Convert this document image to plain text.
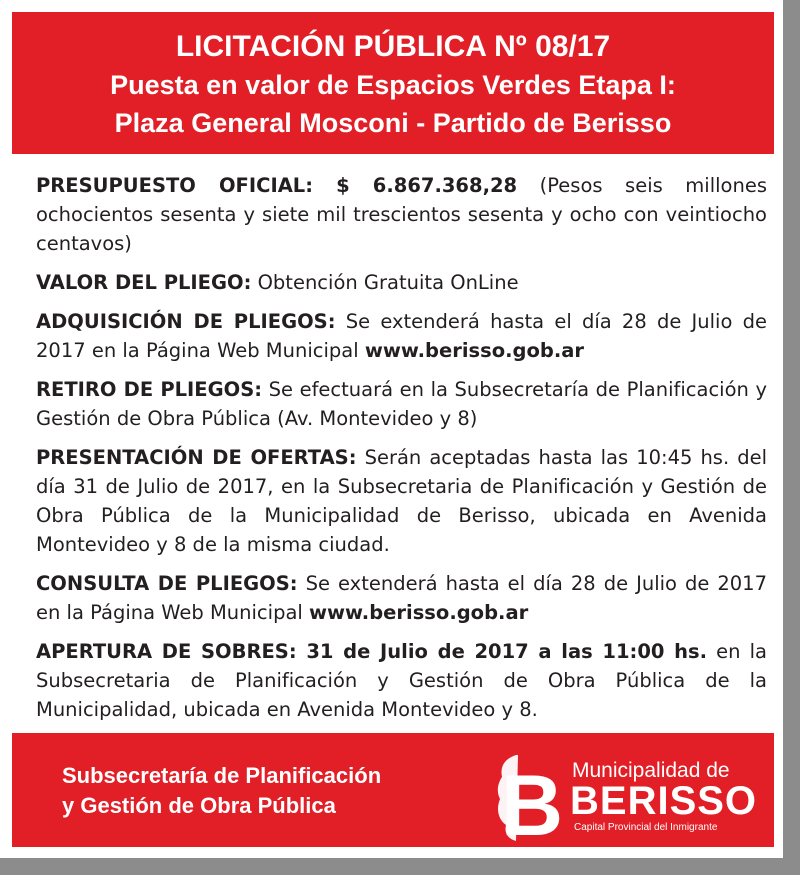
LICITACIÓN PÚBLICA Nº 08/17
Puesta en valor de Espacios Verdes Etapa I:
Plaza General Mosconi - Partido de Berisso

PRESUPUESTO OFICIAL: $ 6.867.368,28 (Pesos seis millones ochocientos sesenta y siete mil trescientos sesenta y ocho con veintiocho centavos)

VALOR DEL PLIEGO: Obtención Gratuita OnLine

ADQUISICIÓN DE PLIEGOS: Se extenderá hasta el día 28 de Julio de 2017 en la Página Web Municipal www.berisso.gob.ar

RETIRO DE PLIEGOS: Se efectuará en la Subsecretaría de Planificación y Gestión de Obra Pública (Av. Montevideo y 8)

PRESENTACIÓN DE OFERTAS: Serán aceptadas hasta las 10:45 hs. del día 31 de Julio de 2017, en la Subsecretaria de Planificación y Gestión de Obra Pública de la Municipalidad de Berisso, ubicada en Avenida Montevideo y 8 de la misma ciudad.

CONSULTA DE PLIEGOS: Se extenderá hasta el día 28 de Julio de 2017 en la Página Web Municipal www.berisso.gob.ar

APERTURA DE SOBRES: 31 de Julio de 2017 a las 11:00 hs. en la Subsecretaria de Planificación y Gestión de Obra Pública de la Municipalidad, ubicada en Avenida Montevideo y 8.

Subsecretaría de Planificación
y Gestión de Obra Pública	B Municipalidad de
BERISSO
Capital Provincial del Inmigrante
